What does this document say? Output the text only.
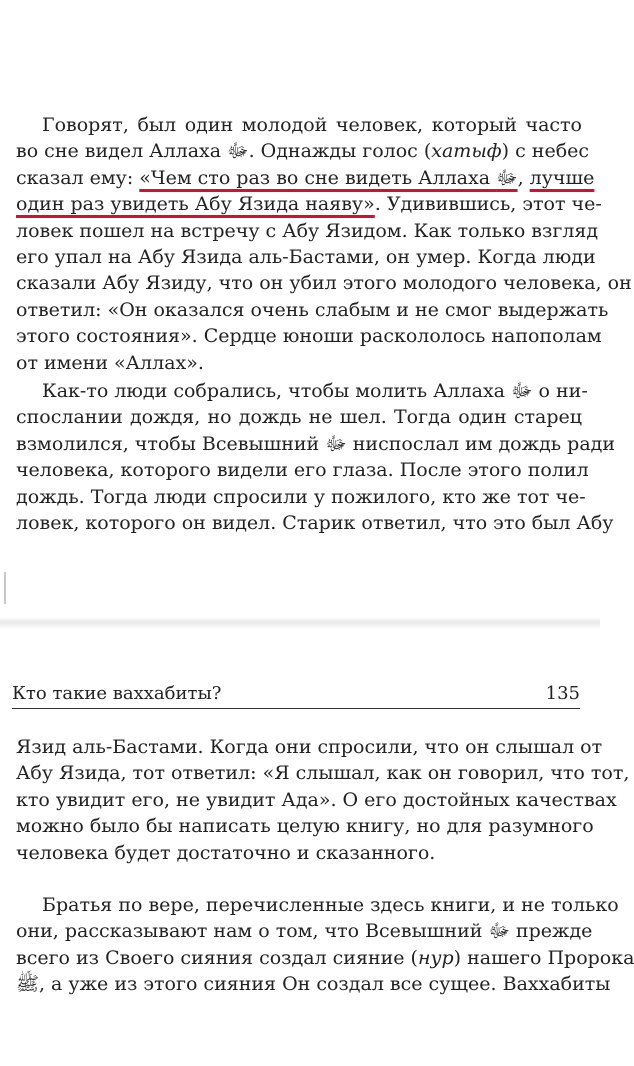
Говорят, был один молодой человек, который часто
во сне видел Аллаха ﷻ. Однажды голос (хатыф) с небес
сказал ему: «Чем сто раз во сне видеть Аллаха ﷻ, лучше
один раз увидеть Абу Язида наяву». Удивившись, этот че-
ловек пошел на встречу с Абу Язидом. Как только взгляд
его упал на Абу Язида аль-Бастами, он умер. Когда люди
сказали Абу Язиду, что он убил этого молодого человека, он
ответил: «Он оказался очень слабым и не смог выдержать
этого состояния». Сердце юноши раскололось напополам
от имени «Аллах».
Как-то люди собрались, чтобы молить Аллаха ﷻ о ни-
спослании дождя, но дождь не шел. Тогда один старец
взмолился, чтобы Всевышний ﷻ ниспослал им дождь ради
человека, которого видели его глаза. После этого полил
дождь. Тогда люди спросили у пожилого, кто же тот че-
ловек, которого он видел. Старик ответил, что это был Абу
Кто такие ваххабиты?	135
Язид аль-Бастами. Когда они спросили, что он слышал от
Абу Язида, тот ответил: «Я слышал, как он говорил, что тот,
кто увидит его, не увидит Ада». О его достойных качествах
можно было бы написать целую книгу, но для разумного
человека будет достаточно и сказанного.
Братья по вере, перечисленные здесь книги, и не только
они, рассказывают нам о том, что Всевышний ﷻ прежде
всего из Своего сияния создал сияние (нур) нашего Пророка
ﷺ, а уже из этого сияния Он создал все сущее. Ваххабиты
